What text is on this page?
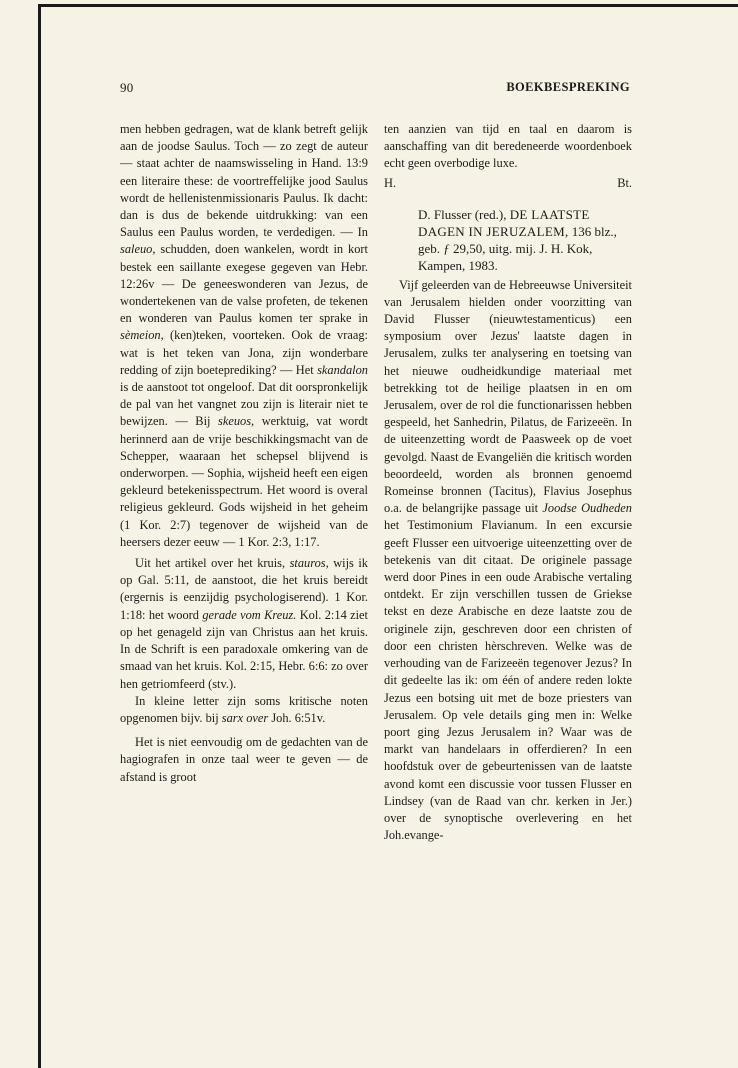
90	BOEKBESPREKING

men hebben gedragen, wat de klank betreft gelijk aan de joodse Saulus. Toch — zo zegt de auteur — staat achter de naamswisseling in Hand. 13:9 een literaire these: de voortreffelijke jood Saulus wordt de hellenistenmissionaris Paulus. Ik dacht: dan is dus de bekende uitdrukking: van een Saulus een Paulus worden, te verdedigen. — In saleuo, schudden, doen wankelen, wordt in kort bestek een saillante exegese gegeven van Hebr. 12:26v — De geneeswonderen van Jezus, de wondertekenen van de valse profeten, de tekenen en wonderen van Paulus komen ter sprake in sèmeion, (ken)teken, voorteken. Ook de vraag: wat is het teken van Jona, zijn wonderbare redding of zijn boeteprediking? — Het skandalon is de aanstoot tot ongeloof. Dat dit oorspronkelijk de pal van het vangnet zou zijn is literair niet te bewijzen. — Bij skeuos, werktuig, vat wordt herinnerd aan de vrije beschikkingsmacht van de Schepper, waaraan het schepsel blijvend is onderworpen. — Sophia, wijsheid heeft een eigen gekleurd betekenisspectrum. Het woord is overal religieus gekleurd. Gods wijsheid in het geheim (1 Kor. 2:7) tegenover de wijsheid van de heersers dezer eeuw — 1 Kor. 2:3, 1:17.

Uit het artikel over het kruis, stauros, wijs ik op Gal. 5:11, de aanstoot, die het kruis bereidt (ergernis is eenzijdig psychologiserend). 1 Kor. 1:18: het woord gerade vom Kreuz. Kol. 2:14 ziet op het genageld zijn van Christus aan het kruis. In de Schrift is een paradoxale omkering van de smaad van het kruis. Kol. 2:15, Hebr. 6:6: zo over hen getriomfeerd (stv.).

In kleine letter zijn soms kritische noten opgenomen bijv. bij sarx over Joh. 6:51v.

Het is niet eenvoudig om de gedachten van de hagiografen in onze taal weer te geven — de afstand is groot

ten aanzien van tijd en taal en daarom is aanschaffing van dit beredeneerde woordenboek echt geen overbodige luxe.

H.	Bt.
D. Flusser (red.), DE LAATSTE DAGEN IN JERUZALEM, 136 blz., geb. ƒ 29,50, uitg. mij. J. H. Kok, Kampen, 1983.

Vijf geleerden van de Hebreeuwse Universiteit van Jerusalem hielden onder voorzitting van David Flusser (nieuwtestamenticus) een symposium over Jezus' laatste dagen in Jerusalem, zulks ter analysering en toetsing van het nieuwe oudheidkundige materiaal met betrekking tot de heilige plaatsen in en om Jerusalem, over de rol die functionarissen hebben gespeeld, het Sanhedrin, Pilatus, de Farizeeën. In de uiteenzetting wordt de Paasweek op de voet gevolgd. Naast de Evangeliën die kritisch worden beoordeeld, worden als bronnen genoemd Romeinse bronnen (Tacitus), Flavius Josephus o.a. de belangrijke passage uit Joodse Oudheden het Testimonium Flavianum. In een excursie geeft Flusser een uitvoerige uiteenzetting over de betekenis van dit citaat. De originele passage werd door Pines in een oude Arabische vertaling ontdekt. Er zijn verschillen tussen de Griekse tekst en deze Arabische en deze laatste zou de originele zijn, geschreven door een christen of door een christen hèrschreven. Welke was de verhouding van de Farizeeën tegenover Jezus? In dit gedeelte las ik: om één of andere reden lokte Jezus een botsing uit met de boze priesters van Jerusalem. Op vele details ging men in: Welke poort ging Jezus Jerusalem in? Waar was de markt van handelaars in offerdieren? In een hoofdstuk over de gebeurtenissen van de laatste avond komt een discussie voor tussen Flusser en Lindsey (van de Raad van chr. kerken in Jer.) over de synoptische overlevering en het Joh.evange-
